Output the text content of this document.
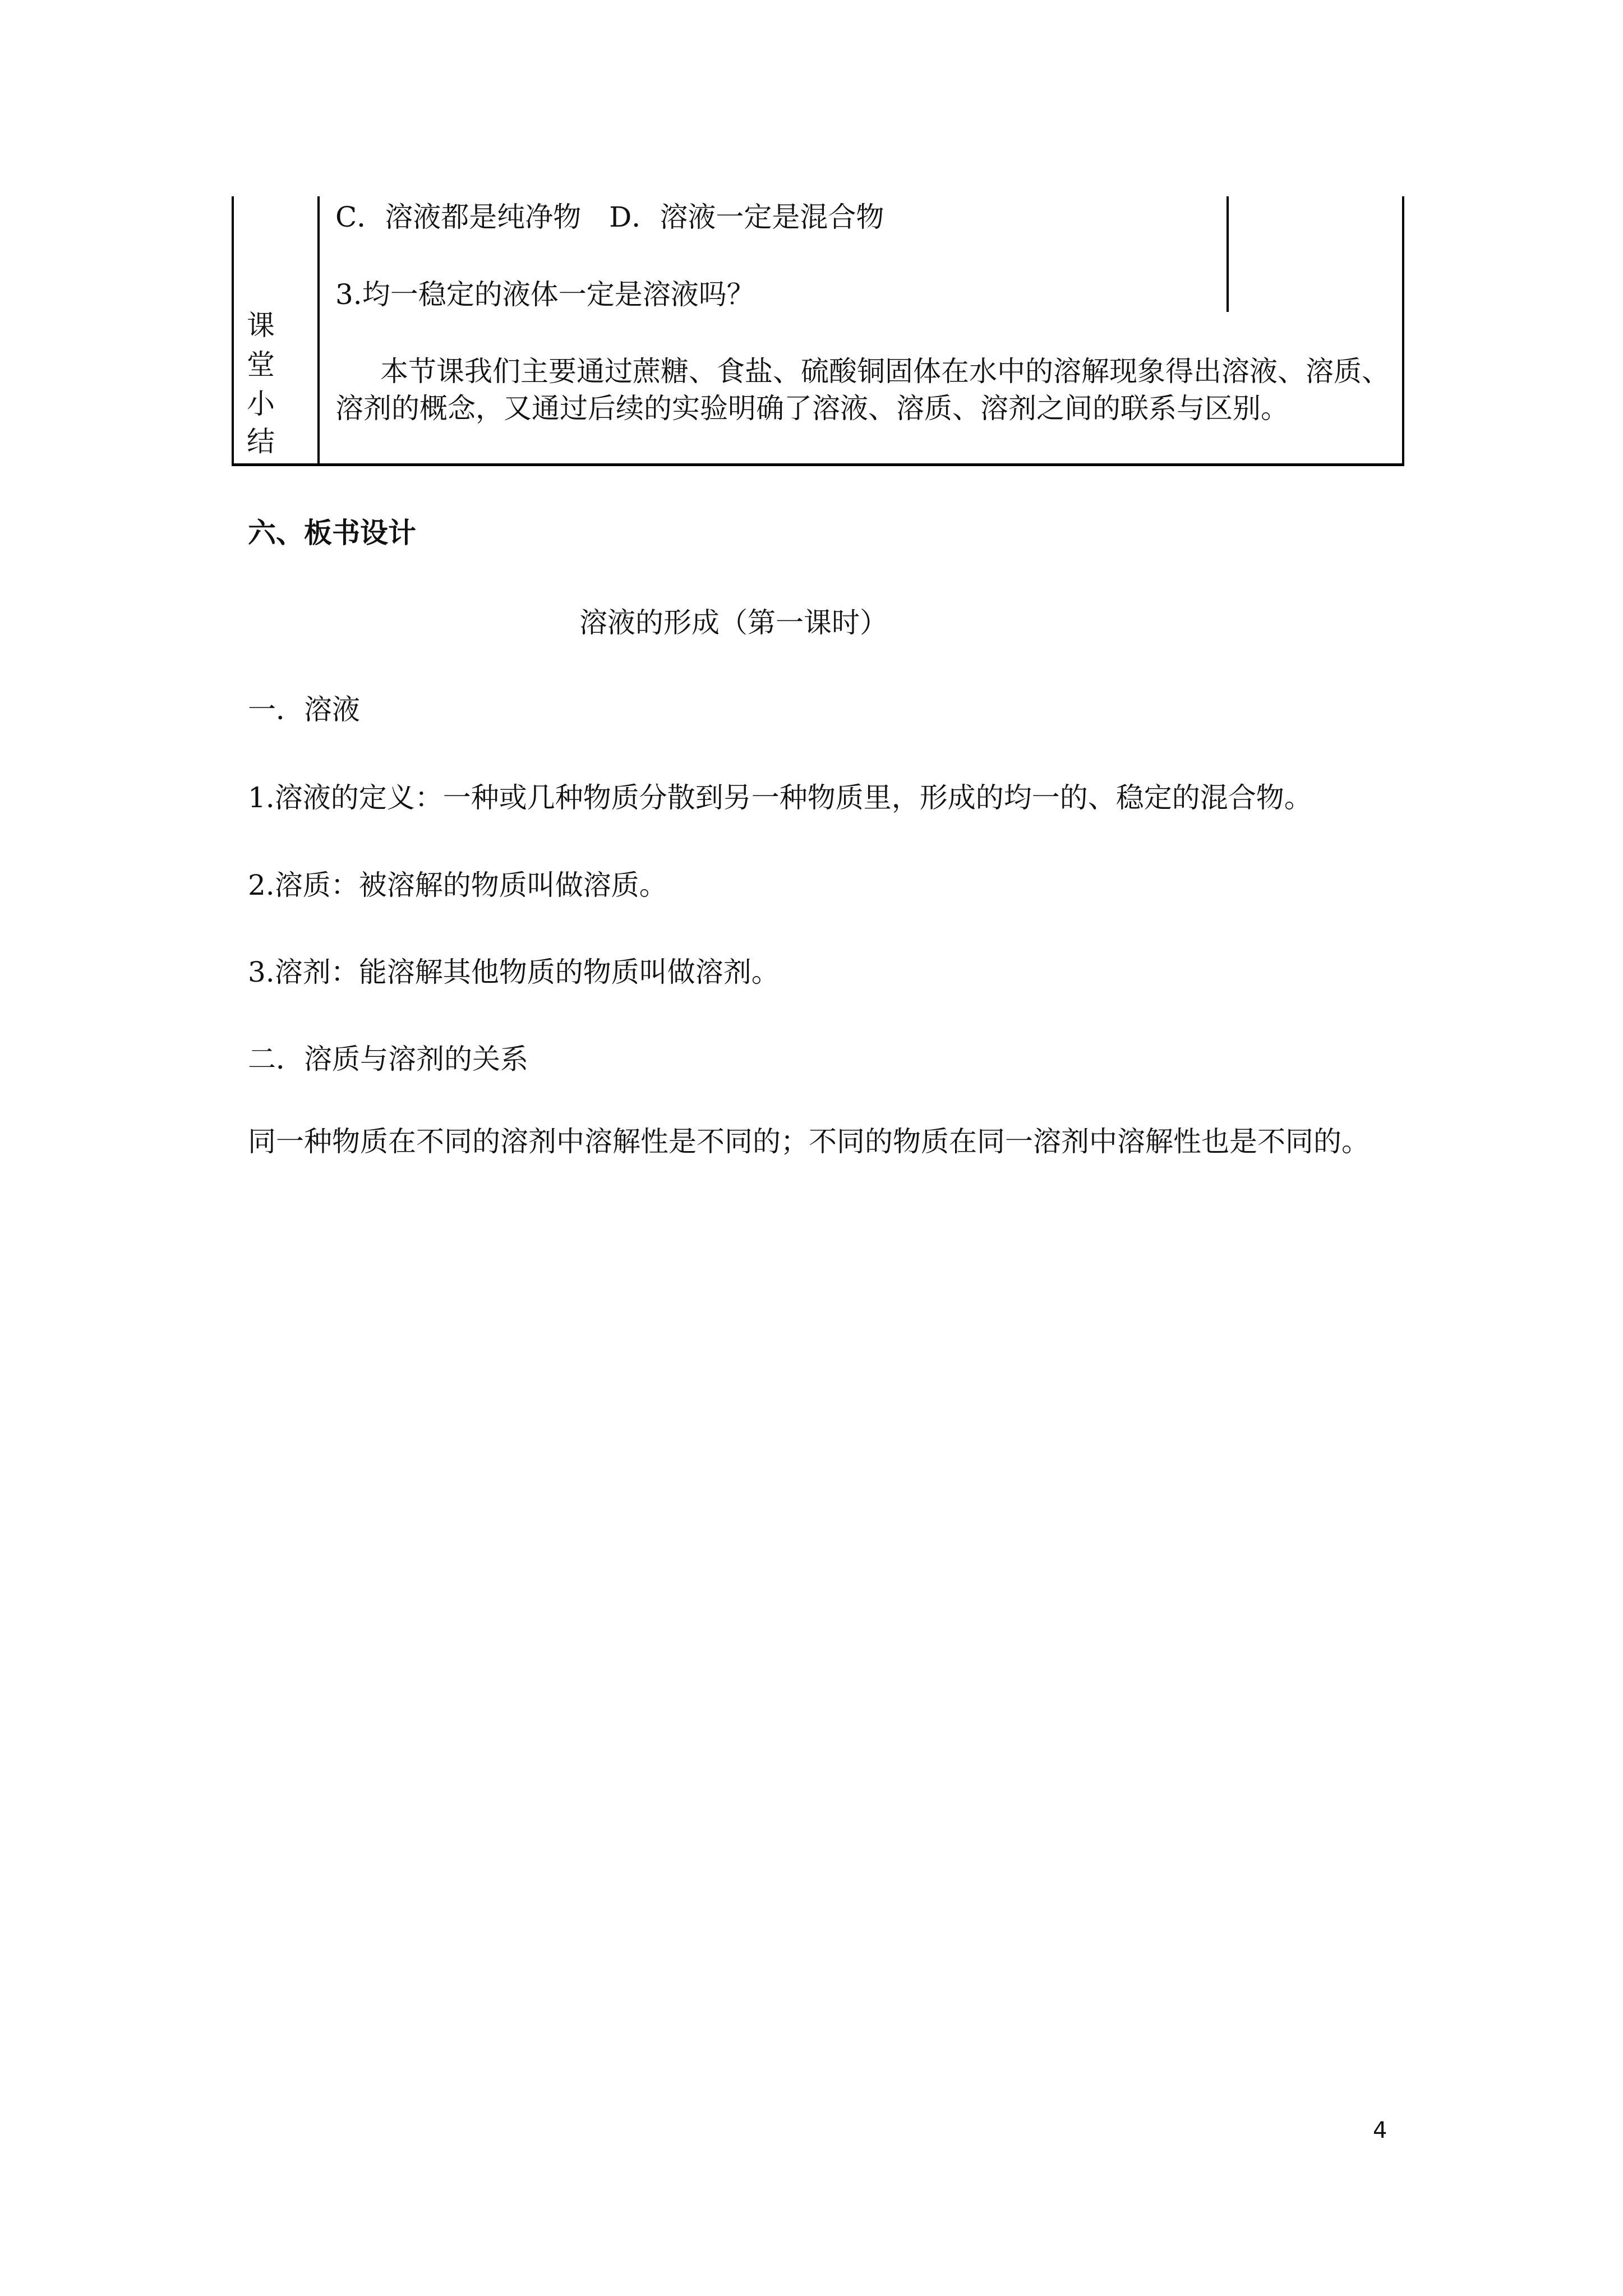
课
堂
小
结
C．溶液都是纯净物　D．溶液一定是混合物
3.均一稳定的液体一定是溶液吗？
本节课我们主要通过蔗糖、食盐、硫酸铜固体在水中的溶解现象得出溶液、溶质、
溶剂的概念，又通过后续的实验明确了溶液、溶质、溶剂之间的联系与区别。
六、板书设计
溶液的形成（第一课时）
一．溶液
1.溶液的定义：一种或几种物质分散到另一种物质里，形成的均一的、稳定的混合物。
2.溶质：被溶解的物质叫做溶质。
3.溶剂：能溶解其他物质的物质叫做溶剂。
二．溶质与溶剂的关系
同一种物质在不同的溶剂中溶解性是不同的；不同的物质在同一溶剂中溶解性也是不同的。
4
